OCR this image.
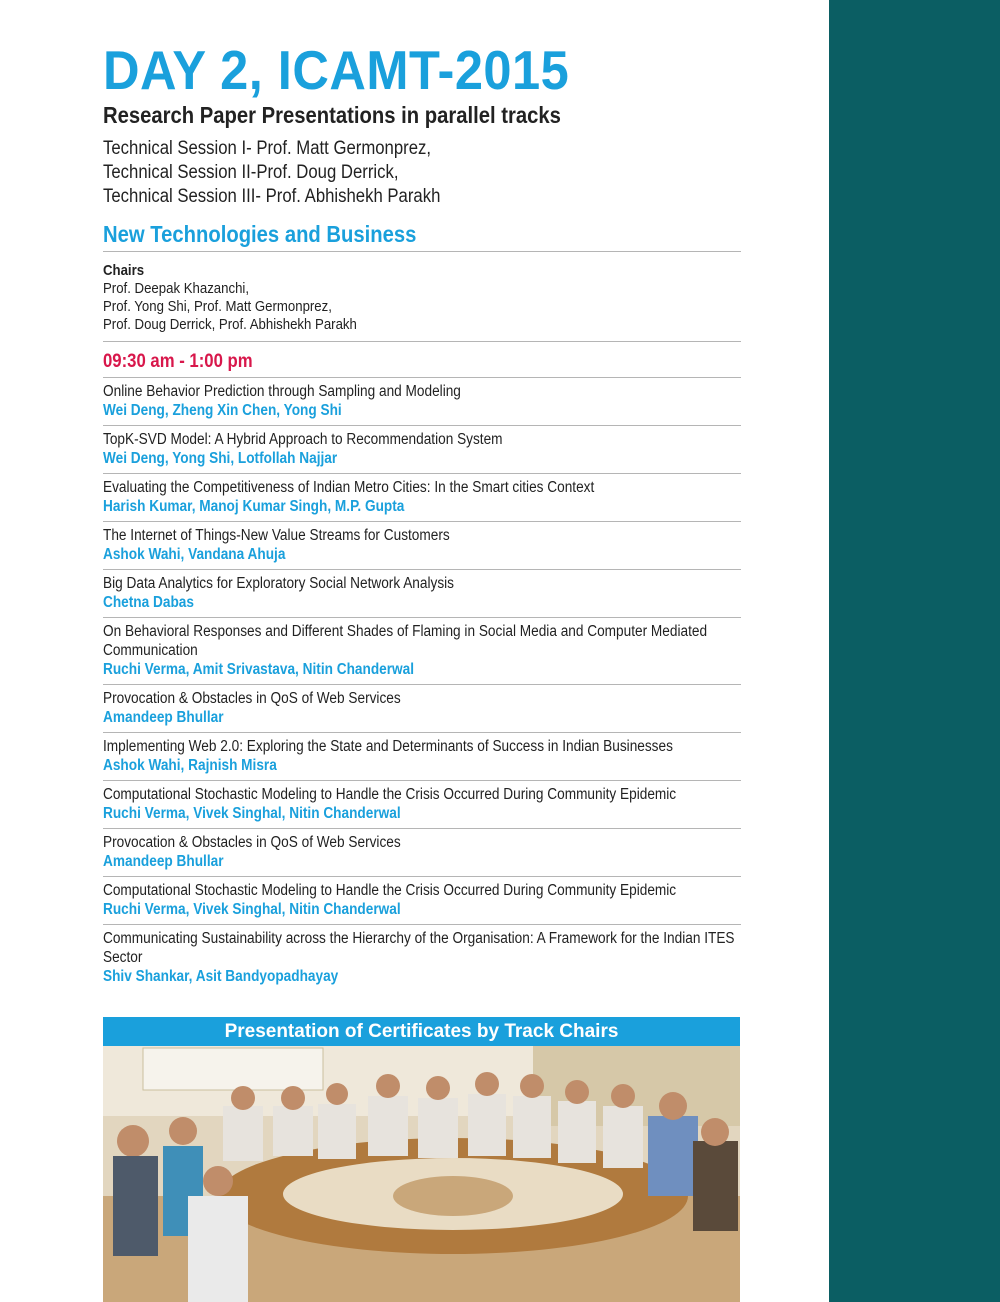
DAY 2, ICAMT-2015
Research Paper Presentations in parallel tracks
Technical Session I- Prof. Matt Germonprez,
Technical Session II-Prof. Doug Derrick,
Technical Session III- Prof. Abhishekh Parakh
New Technologies and Business
Chairs
Prof. Deepak Khazanchi,
Prof. Yong Shi, Prof. Matt Germonprez,
Prof. Doug Derrick, Prof. Abhishekh Parakh
09:30 am - 1:00 pm
Online Behavior Prediction through Sampling and Modeling
Wei Deng, Zheng Xin Chen, Yong Shi
TopK-SVD Model: A Hybrid Approach to Recommendation System
Wei Deng, Yong Shi, Lotfollah Najjar
Evaluating the Competitiveness of Indian Metro Cities: In the Smart cities Context
Harish Kumar, Manoj Kumar Singh, M.P. Gupta
The Internet of Things-New Value Streams for Customers
Ashok Wahi, Vandana Ahuja
Big Data Analytics for Exploratory Social Network Analysis
Chetna Dabas
On Behavioral Responses and Different Shades of Flaming in Social Media and Computer Mediated Communication
Ruchi Verma, Amit Srivastava, Nitin Chanderwal
Provocation & Obstacles in QoS of Web Services
Amandeep Bhullar
Implementing Web 2.0: Exploring the State and Determinants of Success in Indian Businesses
Ashok Wahi, Rajnish Misra
Computational Stochastic Modeling to Handle the Crisis Occurred During Community Epidemic
Ruchi Verma, Vivek Singhal, Nitin Chanderwal
Provocation & Obstacles in QoS of Web Services
Amandeep Bhullar
Computational Stochastic Modeling to Handle the Crisis Occurred During Community Epidemic
Ruchi Verma, Vivek Singhal, Nitin Chanderwal
Communicating Sustainability across the Hierarchy of the Organisation: A Framework for the Indian ITES Sector
Shiv Shankar, Asit Bandyopadhayay
Presentation of Certificates by Track Chairs
